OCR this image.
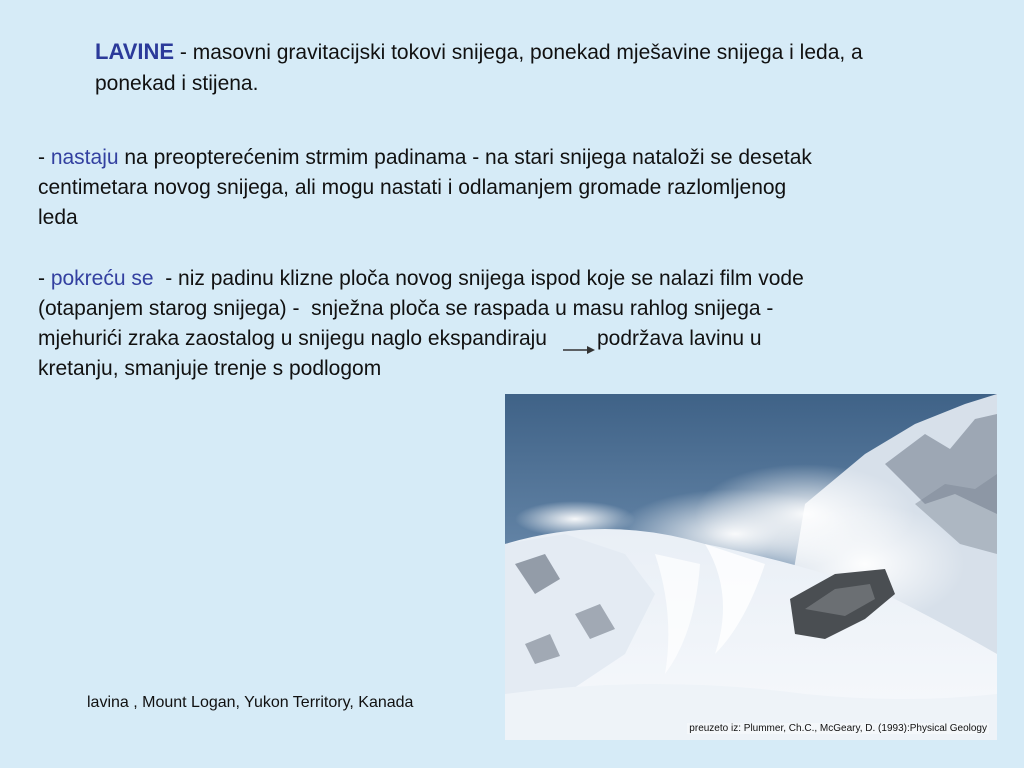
LAVINE - masovni gravitacijski tokovi snijega, ponekad mješavine snijega i leda, a ponekad i stijena.
- nastaju na preopterećenim strmim padinama - na stari snijega nataloži se desetak centimetara novog snijega, ali mogu nastati i odlamanjem gromade razlomljenog leda
- pokreću se  - niz padinu klizne ploča novog snijega ispod koje se nalazi film vode (otapanjem starog snijega) -  snježna ploča se raspada u masu rahlog snijega - mjehurići zraka zaostalog u snijegu naglo ekspandiraju podržava lavinu u kretanju, smanjuje trenje s podlogom
preuzeto iz: Plummer, Ch.C., McGeary, D. (1993):Physical Geology
lavina , Mount Logan, Yukon Territory, Kanada
